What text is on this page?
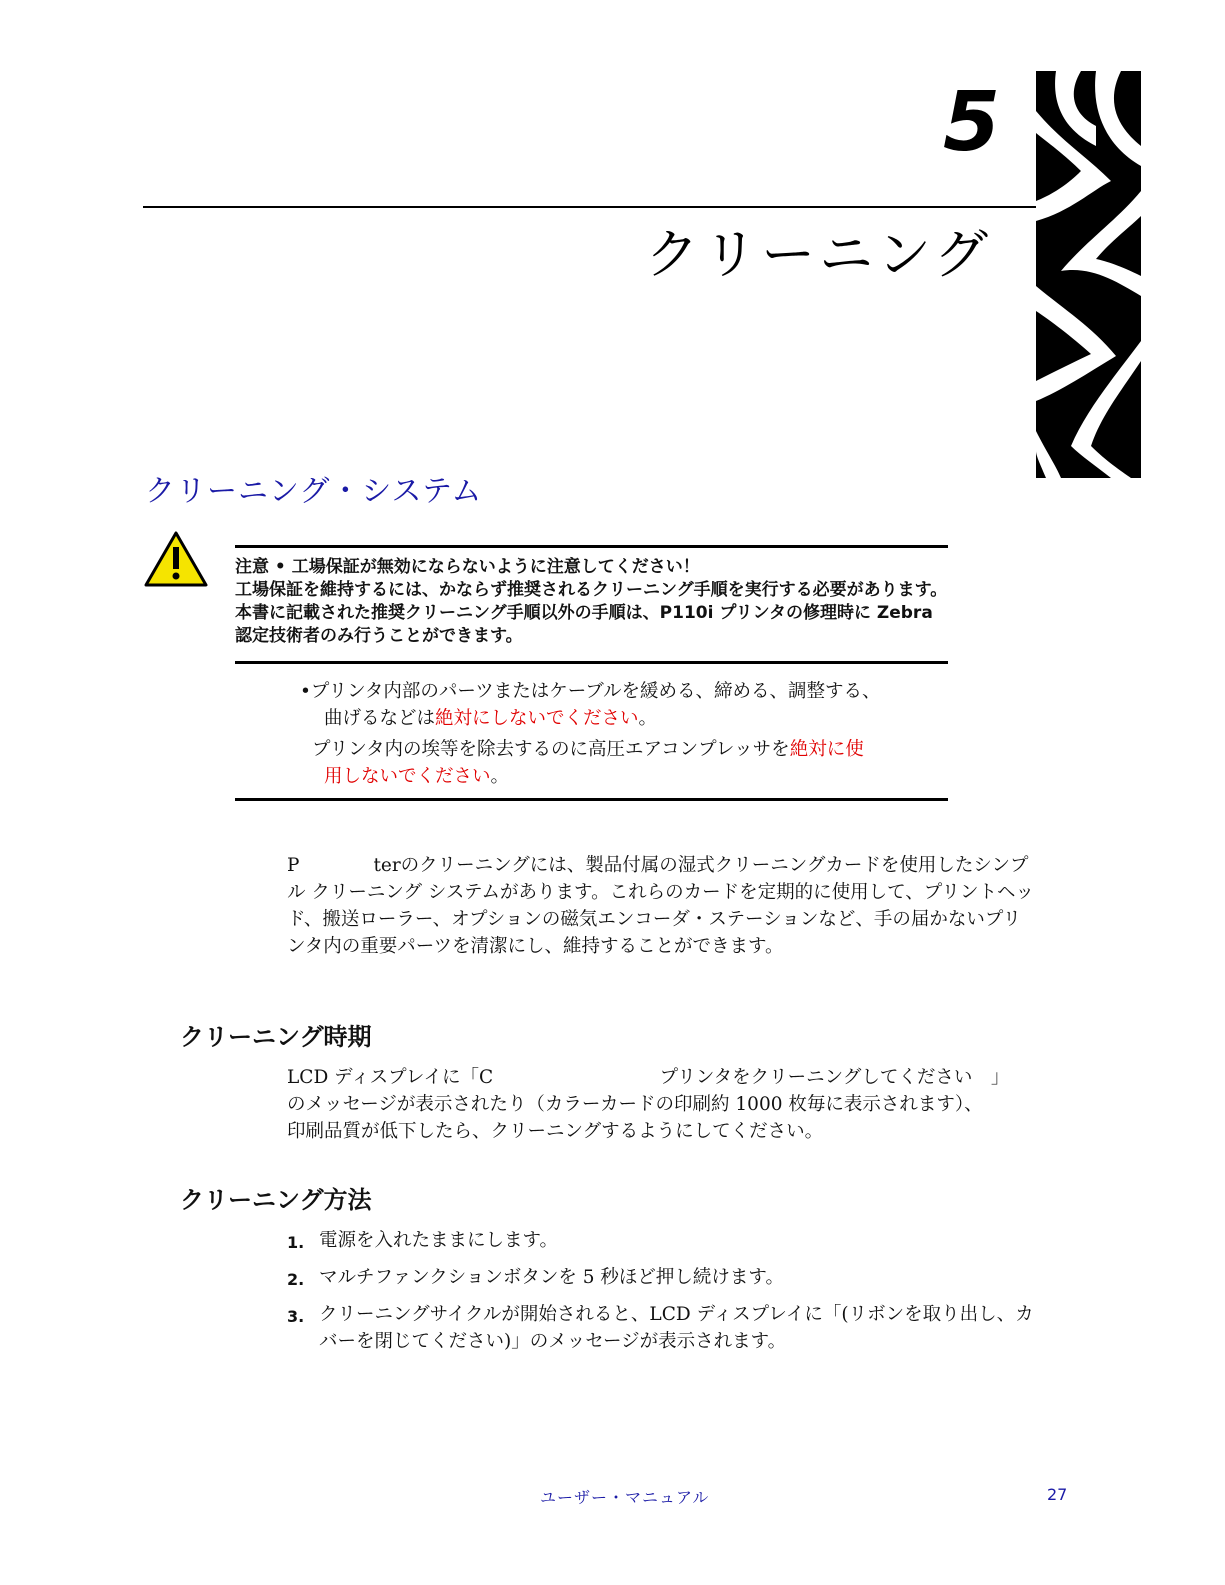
5
クリーニング
クリーニング・システム
注意 • 工場保証が無効にならないように注意してください！
工場保証を維持するには、かならず推奨されるクリーニング手順を実行する必要があります。本書に記載された推奨クリーニング手順以外の手順は、P110i プリンタの修理時に Zebra 認定技術者のみ行うことができます。
•プリンタ内部のパーツまたはケーブルを緩める、締める、調整する、
曲げるなどは絶対にしないでください。
プリンタ内の埃等を除去するのに高圧エアコンプレッサを絶対に使
用しないでください。
P　　　　terのクリーニングには、製品付属の湿式クリーニングカードを使用したシンプル クリーニング システムがあります。これらのカードを定期的に使用して、プリントヘッド、搬送ローラー、オプションの磁気エンコーダ・ステーションなど、手の届かないプリンタ内の重要パーツを清潔にし、維持することができます。
クリーニング時期
LCD ディスプレイに「C　　　　　　　　　プリンタをクリーニングしてください　」
のメッセージが表示されたり（カラーカードの印刷約 1000 枚毎に表示されます）、
印刷品質が低下したら、クリーニングするようにしてください。
クリーニング方法
1. 電源を入れたままにします。
2. マルチファンクションボタンを 5 秒ほど押し続けます。
3. クリーニングサイクルが開始されると、LCD ディスプレイに「(リボンを取り出し、カバーを閉じてください)」のメッセージが表示されます。
ユーザー・マニュアル	27
